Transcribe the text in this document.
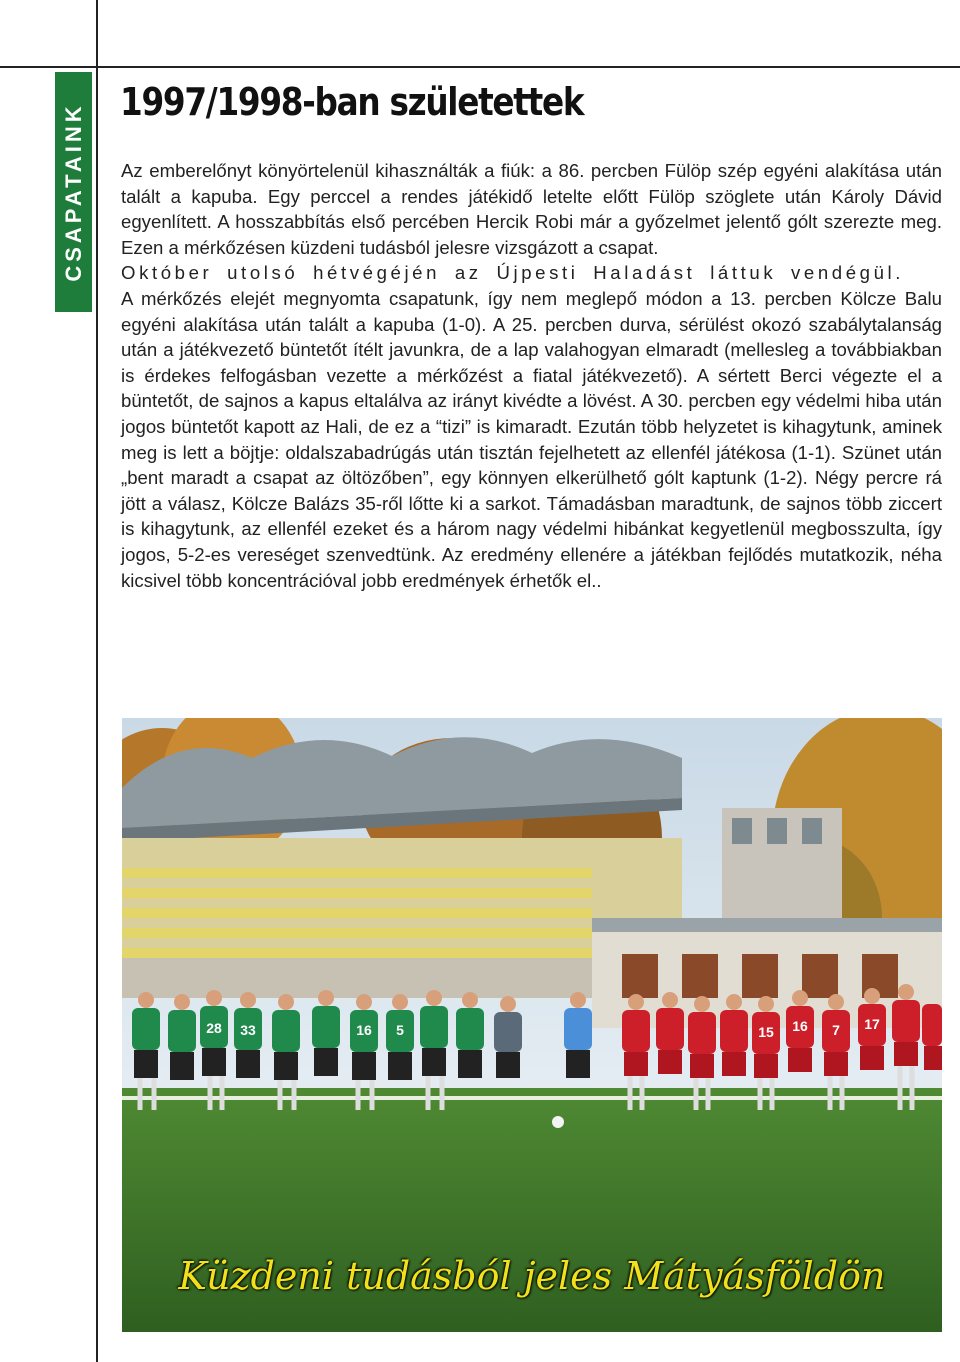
CSAPATAINK
1997/1998-ban születettek

Az emberelőnyt könyörtelenül kihasználták a fiúk: a 86. percben Fülöp szép egyéni alakítása után talált a kapuba. Egy perccel a rendes játékidő letelte előtt Fülöp szöglete után Károly Dávid egyenlített. A hosszabbítás első percében Hercik Robi már a győzelmet jelentő gólt szerezte meg. Ezen a mérkőzésen küzdeni tudásból jelesre vizsgázott a csapat.

Október utolsó hétvégéjén az Újpesti Haladást láttuk vendégül.

A mérkőzés elejét megnyomta csapatunk, így nem meglepő módon a 13. percben Kölcze Balu egyéni alakítása után talált a kapuba (1-0). A 25. percben durva, sérülést okozó szabálytalanság után a játékvezető büntetőt ítélt javunkra, de a lap valahogyan elmaradt (mellesleg a továbbiakban is érdekes felfogásban vezette a mérkőzést a fiatal játékvezető). A sértett Berci végezte el a büntetőt, de sajnos a kapus eltalálva az irányt kivédte a lövést. A 30. percben egy védelmi hiba után jogos büntetőt kapott az Hali, de ez a “tizi” is kimaradt. Ezután több helyzetet is kihagytunk, aminek meg is lett a böjtje: oldalszabadrúgás után tisztán fejelhetett az ellenfél játékosa (1-1). Szünet után „bent maradt a csapat az öltözőben”, egy könnyen elkerülhető gólt kaptunk (1-2). Négy percre rá jött a válasz, Kölcze Balázs 35-ről lőtte ki a sarkot. Támadásban maradtunk, de sajnos több ziccert is kihagytunk, az ellenfél ezeket és a három nagy védelmi hibánkat kegyetlenül megbosszulta, így jogos, 5-2-es vereséget szenvedtünk. Az eredmény ellenére a játékban fejlődés mutatkozik, néha kicsivel több koncentrációval jobb eredmények érhetők el..

28 33	16 5	7
16
15	17
Küzdeni tudásból jeles Mátyásföldön
